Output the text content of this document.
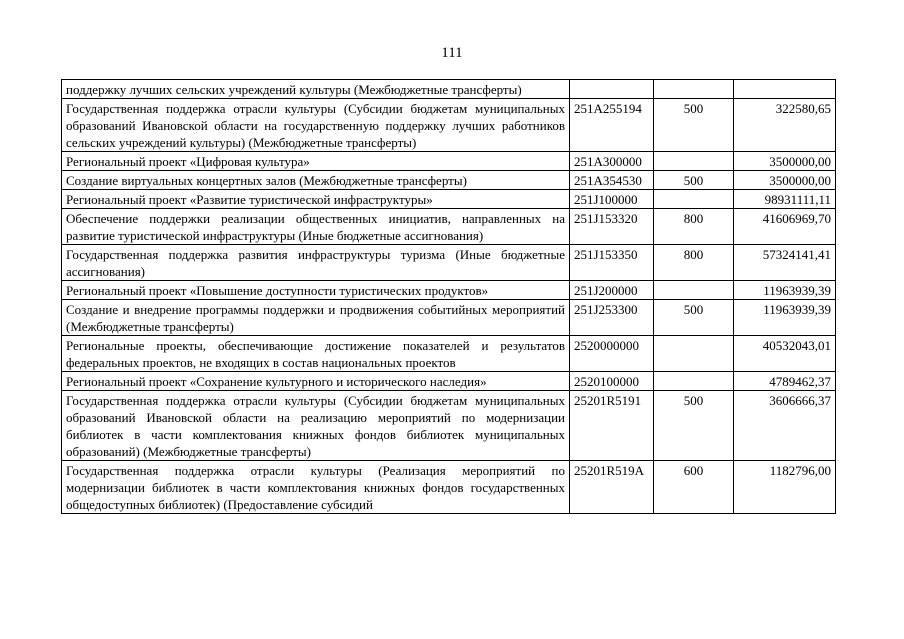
111
поддержку лучших сельских учреждений культуры (Межбюджетные трансферты)			
Государственная поддержка отрасли культуры (Субсидии бюджетам муниципальных образований Ивановской области на государственную поддержку лучших работников сельских учреждений культуры) (Межбюджетные трансферты)	251A255194	500	322580,65
Региональный проект «Цифровая культура»	251A300000		3500000,00
Создание виртуальных концертных залов (Межбюджетные трансферты)	251A354530	500	3500000,00
Региональный проект «Развитие туристической инфраструктуры»	251J100000		98931111,11
Обеспечение поддержки реализации общественных инициатив, направленных на развитие туристической инфраструктуры (Иные бюджетные ассигнования)	251J153320	800	41606969,70
Государственная поддержка развития инфраструктуры туризма (Иные бюджетные ассигнования)	251J153350	800	57324141,41
Региональный проект «Повышение доступности туристических продуктов»	251J200000		11963939,39
Создание и внедрение программы поддержки и продвижения событийных мероприятий (Межбюджетные трансферты)	251J253300	500	11963939,39
Региональные проекты, обеспечивающие достижение показателей и результатов федеральных проектов, не входящих в состав национальных проектов	2520000000		40532043,01
Региональный проект «Сохранение культурного и исторического наследия»	2520100000		4789462,37
Государственная поддержка отрасли культуры (Субсидии бюджетам муниципальных образований Ивановской области на реализацию мероприятий по модернизации библиотек в части комплектования книжных фондов библиотек муниципальных образований) (Межбюджетные трансферты)	25201R5191	500	3606666,37
Государственная поддержка отрасли культуры (Реализация мероприятий по модернизации библиотек в части комплектования книжных фондов государственных общедоступных библиотек) (Предоставление субсидий	25201R519A	600	1182796,00
